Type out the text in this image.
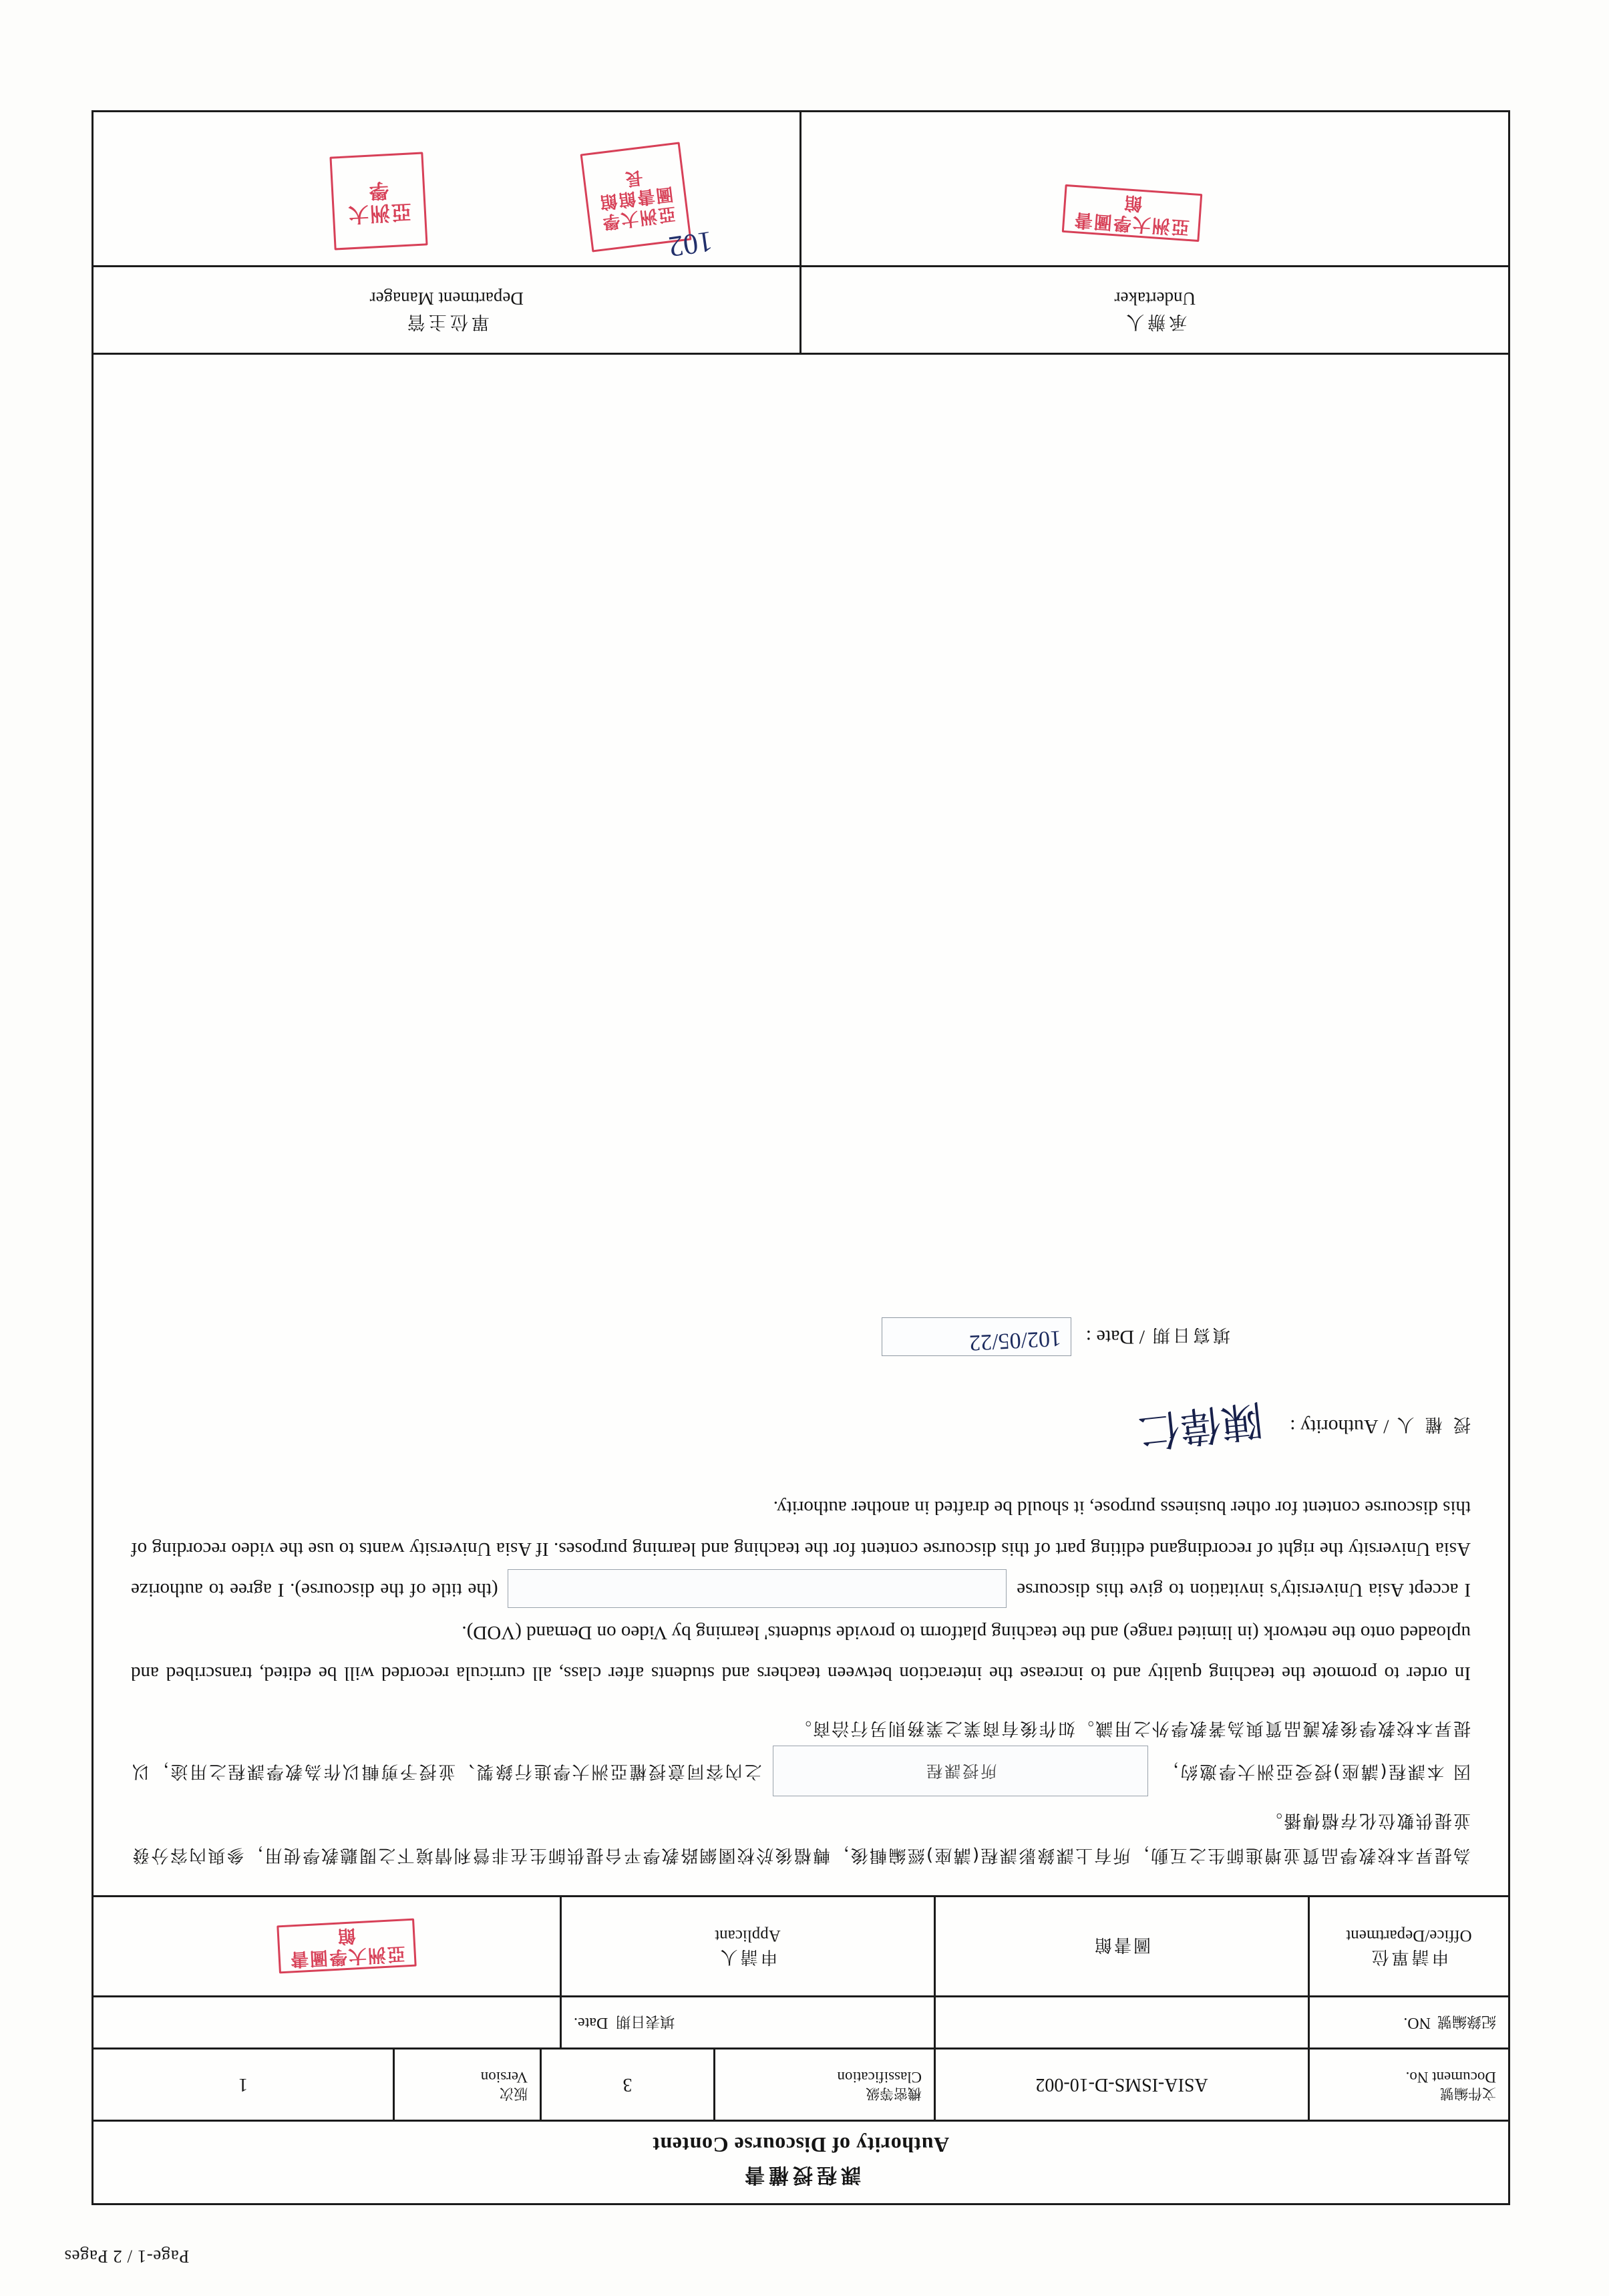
Page-1 / 2 Pages
課程授權書
Authority of Discourse Content
文件編號
Document No.
ASIA-ISMS-D-10-002
機密等級
Classification
3
版次
Version
1
紀錄編號
NO.
填表日期
Date.
申請單位
Office/Department
圖書館
申請人
Applicant
亞洲大學圖書館

為提昇本校教學品質並增進師生之互動，所有上課錄影課程(講座)經編輯後，轉檔後於校園網路教學平台提供師生在非營利情境下之閱聽教學使用，參與內容分發並提供數位化存檔傳播。

因 本課程(講座)授受亞洲大學邀約，
所授課程
之內容同意授權亞洲大學進行錄製、並授予剪輯以作為教學課程之用途，以提昇本校教學後教護品質與為著教學外之用識。如作後有商業之業務則另行洽商。

In order to promote the teaching quality and to increase the interaction between teachers and students after class, all curricula recorded will be edited, transcribed and uploaded onto the network (in limited range) and the teaching platform to provide students' learning by Video on Demand (VOD).

I accept Asia University's invitation to give this discourse  (the title of the discourse). I agree to authorize Asia University the right of recordingand editing part of this discourse content for the teaching and learning purposes. If Asia University wants to use the video recording of this discourse content for other business purpose, it should be drafted in another authority.

授 權 人
/ Authority :
陳偉仁
填寫日期
/ Date :
102/05/22
承辦人
Undertaker
亞洲大學圖書館
單位主管
Department Manager
亞洲大學圖書館館長
亞洲大學
102
